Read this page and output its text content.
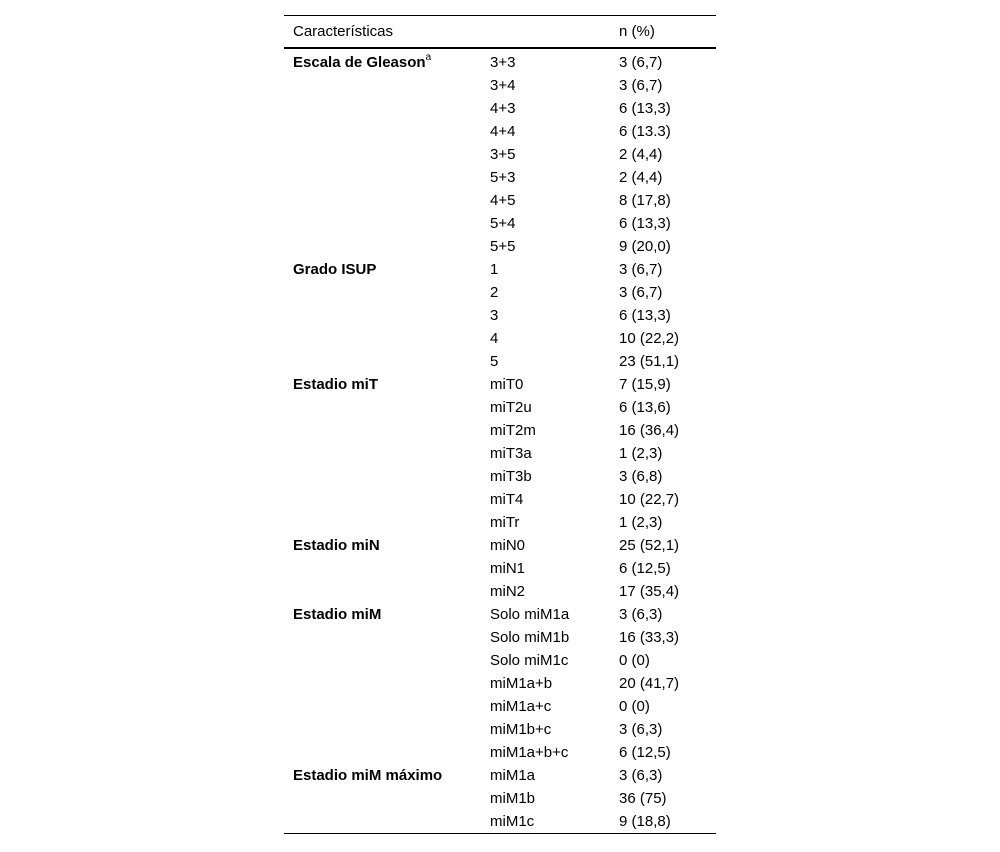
Características		n (%)
Escala de Gleason$^a$	3+3	3 (6,7)
	3+4	3 (6,7)
	4+3	6 (13,3)
	4+4	6 (13.3)
	3+5	2 (4,4)
	5+3	2 (4,4)
	4+5	8 (17,8)
	5+4	6 (13,3)
	5+5	9 (20,0)
Grado ISUP	1	3 (6,7)
	2	3 (6,7)
	3	6 (13,3)
	4	10 (22,2)
	5	23 (51,1)
Estadio miT	miT0	7 (15,9)
	miT2u	6 (13,6)
	miT2m	16 (36,4)
	miT3a	1 (2,3)
	miT3b	3 (6,8)
	miT4	10 (22,7)
	miTr	1 (2,3)
Estadio miN	miN0	25 (52,1)
	miN1	6 (12,5)
	miN2	17 (35,4)
Estadio miM	Solo miM1a	3 (6,3)
	Solo miM1b	16 (33,3)
	Solo miM1c	0 (0)
	miM1a+b	20 (41,7)
	miM1a+c	0 (0)
	miM1b+c	3 (6,3)
	miM1a+b+c	6 (12,5)
Estadio miM máximo	miM1a	3 (6,3)
	miM1b	36 (75)
	miM1c	9 (18,8)
